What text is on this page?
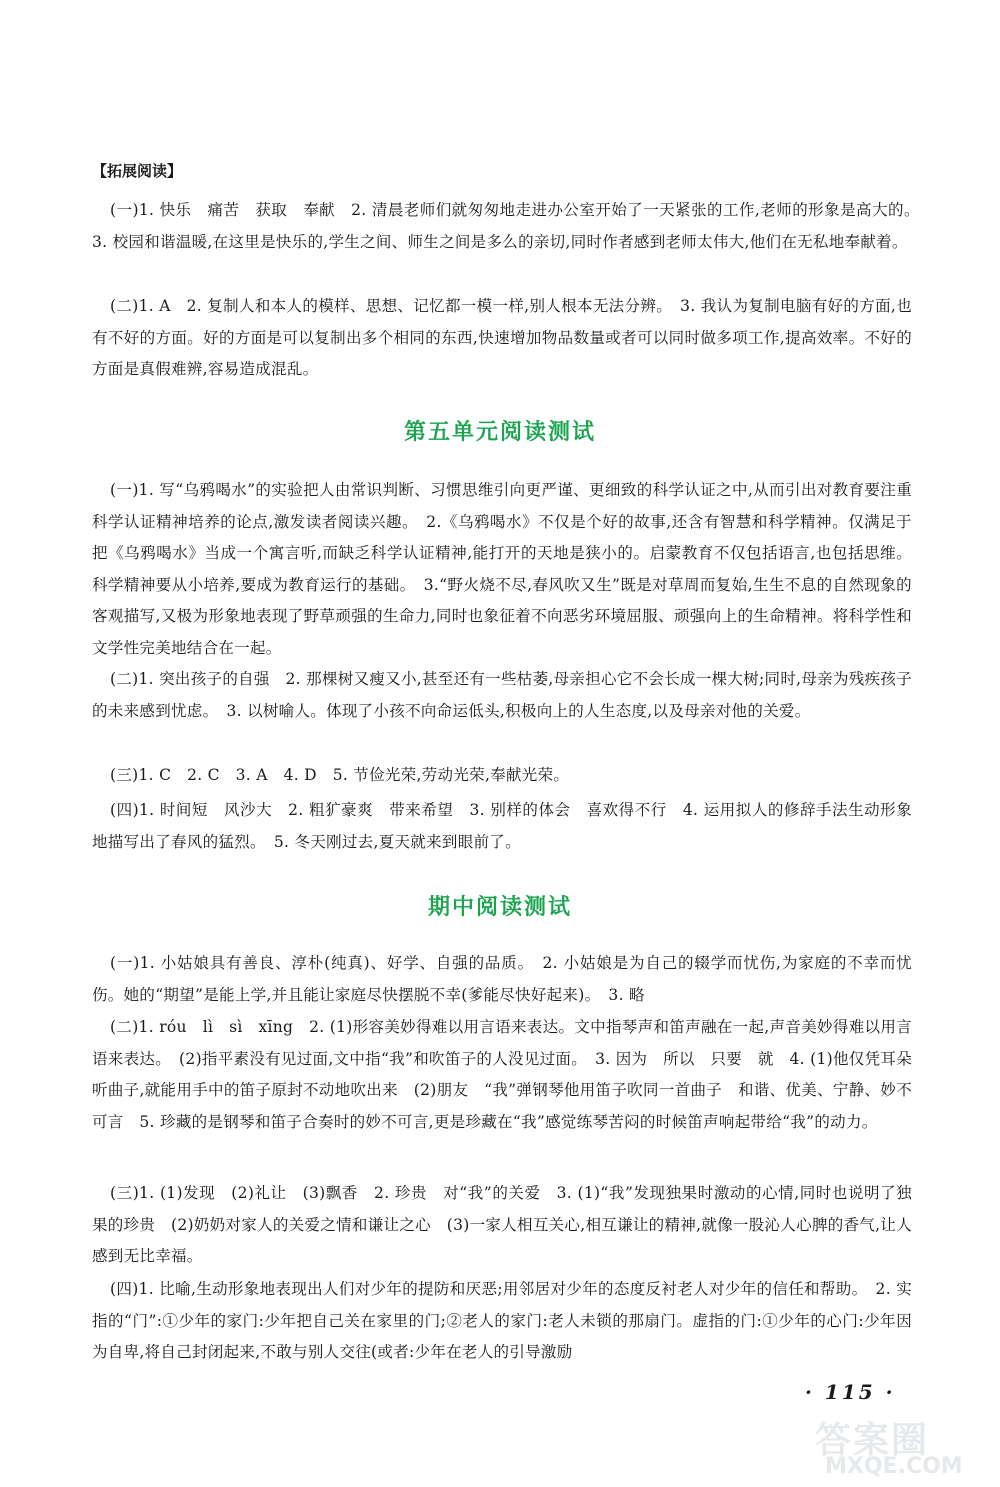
【拓展阅读】
(一)1. 快乐　痛苦　获取　奉献　2. 清晨老师们就匆匆地走进办公室开始了一天紧张的工作,老师的形象是高大的。　3. 校园和谐温暖,在这里是快乐的,学生之间、师生之间是多么的亲切,同时作者感到老师太伟大,他们在无私地奉献着。
(二)1. A　2. 复制人和本人的模样、思想、记忆都一模一样,别人根本无法分辨。　3. 我认为复制电脑有好的方面,也有不好的方面。好的方面是可以复制出多个相同的东西,快速增加物品数量或者可以同时做多项工作,提高效率。不好的方面是真假难辨,容易造成混乱。
第五单元阅读测试
(一)1. 写“乌鸦喝水”的实验把人由常识判断、习惯思维引向更严谨、更细致的科学认证之中,从而引出对教育要注重科学认证精神培养的论点,激发读者阅读兴趣。　2.《乌鸦喝水》不仅是个好的故事,还含有智慧和科学精神。仅满足于把《乌鸦喝水》当成一个寓言听,而缺乏科学认证精神,能打开的天地是狭小的。启蒙教育不仅包括语言,也包括思维。科学精神要从小培养,要成为教育运行的基础。　3.“野火烧不尽,春风吹又生”既是对草周而复始,生生不息的自然现象的客观描写,又极为形象地表现了野草顽强的生命力,同时也象征着不向恶劣环境屈服、顽强向上的生命精神。将科学性和文学性完美地结合在一起。
(二)1. 突出孩子的自强　2. 那棵树又瘦又小,甚至还有一些枯萎,母亲担心它不会长成一棵大树;同时,母亲为残疾孩子的未来感到忧虑。　3. 以树喻人。体现了小孩不向命运低头,积极向上的人生态度,以及母亲对他的关爱。
(三)1. C　2. C　3. A　4. D　5. 节俭光荣,劳动光荣,奉献光荣。
(四)1. 时间短　风沙大　2. 粗犷豪爽　带来希望　3. 别样的体会　喜欢得不行　4. 运用拟人的修辞手法生动形象地描写出了春风的猛烈。　5. 冬天刚过去,夏天就来到眼前了。
期中阅读测试
(一)1. 小姑娘具有善良、淳朴(纯真)、好学、自强的品质。　2. 小姑娘是为自己的辍学而忧伤,为家庭的不幸而忧伤。她的“期望”是能上学,并且能让家庭尽快摆脱不幸(爹能尽快好起来)。　3. 略
(二)1. róu　lì　sì　xīng　2. (1)形容美妙得难以用言语来表达。文中指琴声和笛声融在一起,声音美妙得难以用言语来表达。　(2)指平素没有见过面,文中指“我”和吹笛子的人没见过面。　3. 因为　所以　只要　就　4. (1)他仅凭耳朵听曲子,就能用手中的笛子原封不动地吹出来　(2)朋友　“我”弹钢琴他用笛子吹同一首曲子　和谐、优美、宁静、妙不可言　5. 珍藏的是钢琴和笛子合奏时的妙不可言,更是珍藏在“我”感觉练琴苦闷的时候笛声响起带给“我”的动力。
(三)1. (1)发现　(2)礼让　(3)飘香　2. 珍贵　对“我”的关爱　3. (1)“我”发现独果时激动的心情,同时也说明了独果的珍贵　(2)奶奶对家人的关爱之情和谦让之心　(3)一家人相互关心,相互谦让的精神,就像一股沁人心脾的香气,让人感到无比幸福。
(四)1. 比喻,生动形象地表现出人们对少年的提防和厌恶;用邻居对少年的态度反衬老人对少年的信任和帮助。　2. 实指的“门”:①少年的家门:少年把自己关在家里的门;②老人的家门:老人未锁的那扇门。虚指的门:①少年的心门:少年因为自卑,将自己封闭起来,不敢与别人交往(或者:少年在老人的引导激励
· 115 ·
答案圈
MXQE.COM
